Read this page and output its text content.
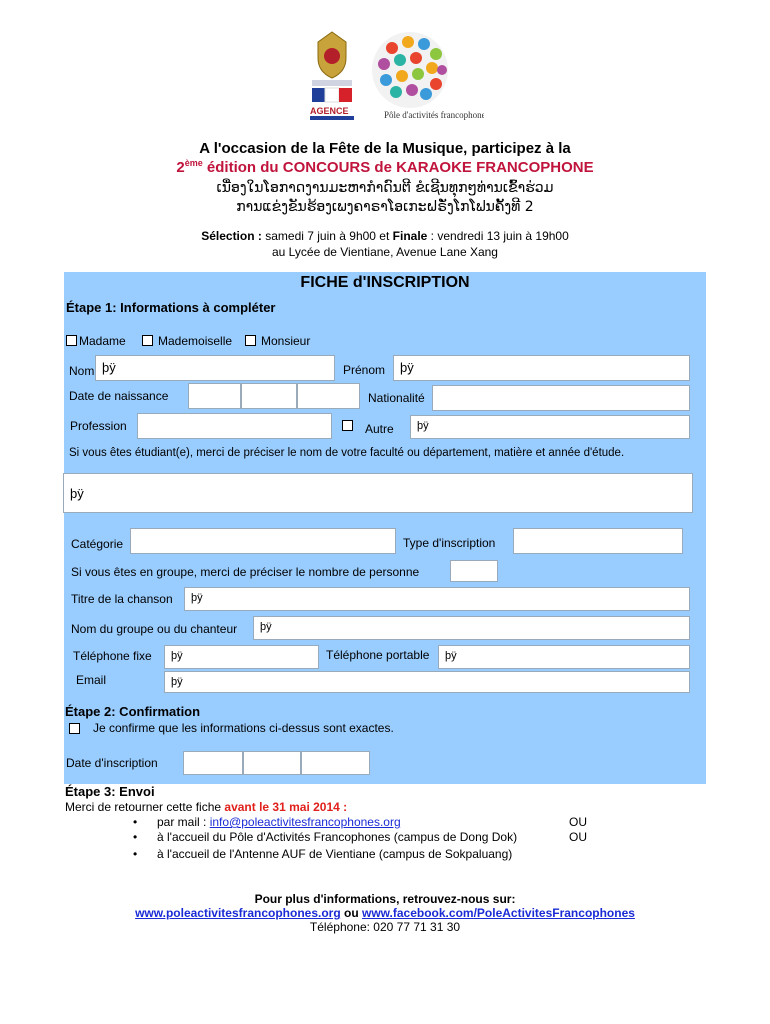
AGENCE	Pôle d'activités francophones
A l'occasion de la Fête de la Musique, participez à la
2ème édition du CONCOURS de KARAOKE FRANCOPHONE
ເນື່ອງໃນໂອກາດງານມະຫາກຳດົນຕີ ຂໍເຊີນທຸກໆທ່ານເຂົ້າຮ່ວມ
ການແຂ່ງຂັນຮ້ອງເພງຄາຣາໂອເກະຝຣັ່ງໂກໂຟນຄັ້ງທີ 2
Sélection : samedi 7 juin à 9h00 et Finale : vendredi 13 juin à 19h00
au Lycée de Vientiane, Avenue Lane Xang
FICHE d'INSCRIPTION
Étape 1: Informations à compléter
Madame	Mademoiselle Monsieur
Nom þÿ	Prénom	þÿ
Date de naissance	Nationalité
Profession	Autre	þÿ
Si vous êtes étudiant(e), merci de préciser le nom de votre faculté ou département, matière et année d'étude.
þÿ
Catégorie	Type d'inscription
Si vous êtes en groupe, merci de préciser le nombre de personne
Titre de la chanson	þÿ
Nom du groupe ou du chanteur	þÿ
Téléphone fixe	þÿ	Téléphone portable	þÿ
Email	þÿ
Étape 2: Confirmation
Je confirme que les informations ci-dessus sont exactes.
Date d'inscription
Étape 3: Envoi
Merci de retourner cette fiche avant le 31 mai 2014 :
• par mail : info@poleactivitesfrancophones.org	OU
• à l'accueil du Pôle d'Activités Francophones (campus de Dong Dok)	OU
• à l'accueil de l'Antenne AUF de Vientiane (campus de Sokpaluang)
Pour plus d'informations, retrouvez-nous sur:
www.poleactivitesfrancophones.org ou www.facebook.com/PoleActivitesFrancophones
Téléphone: 020 77 71 31 30
